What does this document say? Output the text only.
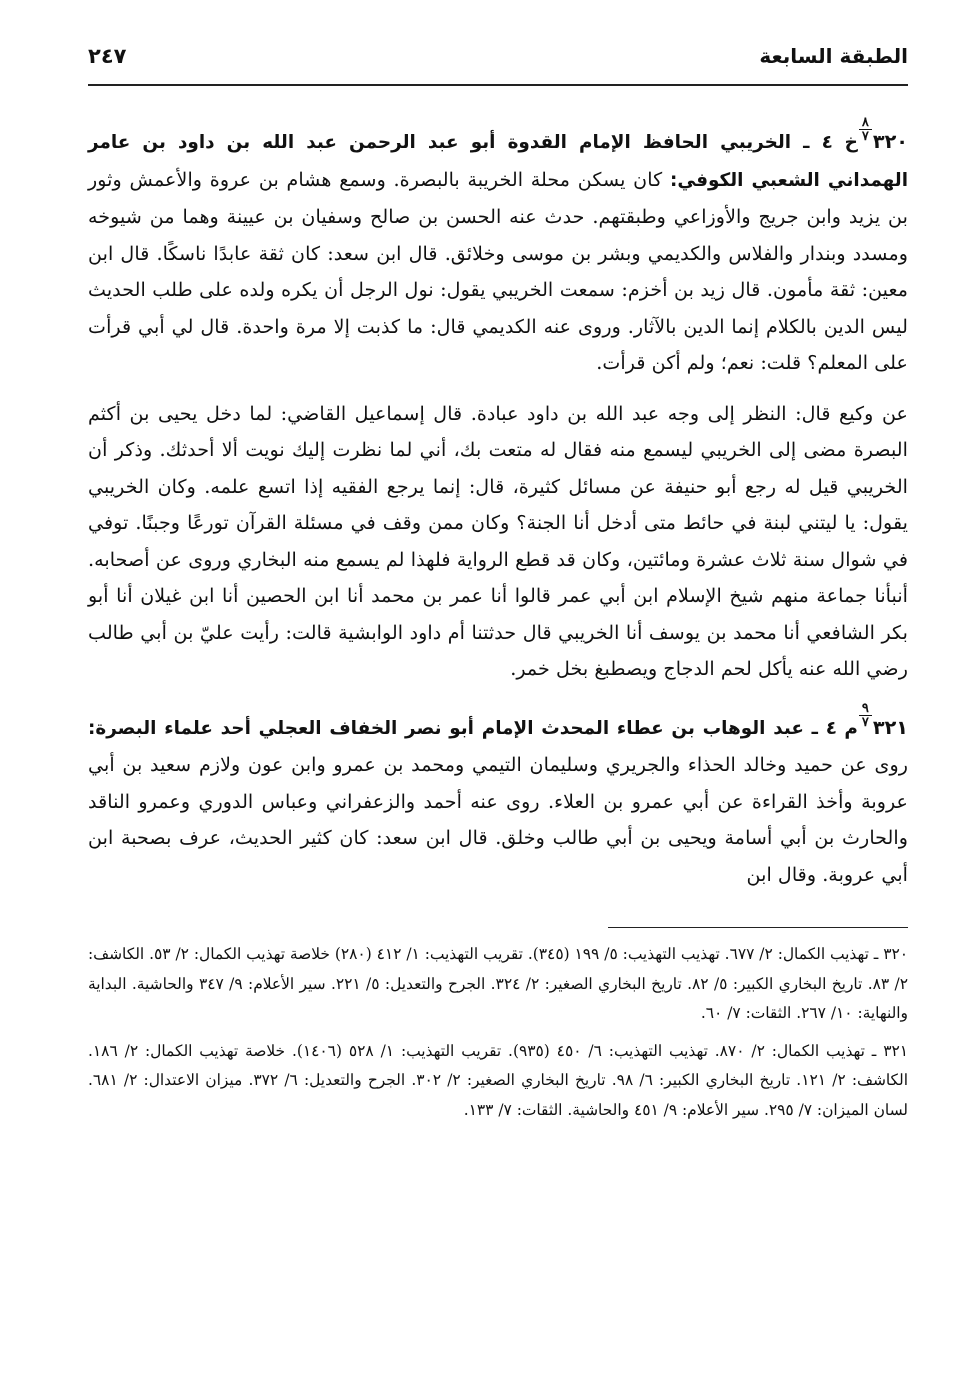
الطبقة السابعة
٢٤٧

٣٢٠
٨
٧
خ ٤ ـ الخريبي الحافظ الإمام القدوة أبو عبد الرحمن عبد الله بن داود بن عامر الهمداني الشعبي الكوفي: كان يسكن محلة الخريبة بالبصرة. وسمع هشام بن عروة والأعمش وثور بن يزيد وابن جريج والأوزاعي وطبقتهم. حدث عنه الحسن بن صالح وسفيان بن عيينة وهما من شيوخه ومسدد وبندار والفلاس والكديمي وبشر بن موسى وخلائق. قال ابن سعد: كان ثقة عابدًا ناسكًا. قال ابن معين: ثقة مأمون. قال زيد بن أخزم: سمعت الخريبي يقول: نول الرجل أن يكره ولده على طلب الحديث ليس الدين بالكلام إنما الدين بالآثار. وروى عنه الكديمي قال: ما كذبت إلا مرة واحدة. قال لي أبي قرأت على المعلم؟ قلت: نعم؛ ولم أكن قرأت.

عن وكيع قال: النظر إلى وجه عبد الله بن داود عبادة. قال إسماعيل القاضي: لما دخل يحيى بن أكثم البصرة مضى إلى الخريبي ليسمع منه فقال له متعت بك، أني لما نظرت إليك نويت ألا أحدثك. وذكر أن الخريبي قيل له رجع أبو حنيفة عن مسائل كثيرة، قال: إنما يرجع الفقيه إذا اتسع علمه. وكان الخريبي يقول: يا ليتني لبنة في حائط متى أدخل أنا الجنة؟ وكان ممن وقف في مسئلة القرآن تورعًا وجبنًا. توفي في شوال سنة ثلاث عشرة ومائتين، وكان قد قطع الرواية فلهذا لم يسمع منه البخاري وروى عن أصحابه. أنبأنا جماعة منهم شيخ الإسلام ابن أبي عمر قالوا أنا عمر بن محمد أنا ابن الحصين أنا ابن غيلان أنا أبو بكر الشافعي أنا محمد بن يوسف أنا الخريبي قال حدثتنا أم داود الوابشية قالت: رأيت عليّ بن أبي طالب رضي الله عنه يأكل لحم الدجاج ويصطبغ بخل خمر.

٣٢١
٩
٧
م ٤ ـ عبد الوهاب بن عطاء المحدث الإمام أبو نصر الخفاف العجلي أحد علماء البصرة: روى عن حميد وخالد الحذاء والجريري وسليمان التيمي ومحمد بن عمرو وابن عون ولازم سعيد بن أبي عروبة وأخذ القراءة عن أبي عمرو بن العلاء. روى عنه أحمد والزعفراني وعباس الدوري وعمرو الناقد والحارث بن أبي أسامة ويحيى بن أبي طالب وخلق. قال ابن سعد: كان كثير الحديث، عرف بصحبة ابن أبي عروبة. وقال ابن

٣٢٠ ـ تهذيب الكمال: ٢/ ٦٧٧. تهذيب التهذيب: ٥/ ١٩٩ (٣٤٥). تقريب التهذيب: ١/ ٤١٢ (٢٨٠) خلاصة تهذيب الكمال: ٢/ ٥٣. الكاشف: ٢/ ٨٣. تاريخ البخاري الكبير: ٥/ ٨٢. تاريخ البخاري الصغير: ٢/ ٣٢٤. الجرح والتعديل: ٥/ ٢٢١. سير الأعلام: ٩/ ٣٤٧ والحاشية. البداية والنهاية: ١٠/ ٢٦٧. الثقات: ٧/ ٦٠.

٣٢١ ـ تهذيب الكمال: ٢/ ٨٧٠. تهذيب التهذيب: ٦/ ٤٥٠ (٩٣٥). تقريب التهذيب: ١/ ٥٢٨ (١٤٠٦). خلاصة تهذيب الكمال: ٢/ ١٨٦. الكاشف: ٢/ ١٢١. تاريخ البخاري الكبير: ٦/ ٩٨. تاريخ البخاري الصغير: ٢/ ٣٠٢. الجرح والتعديل: ٦/ ٣٧٢. ميزان الاعتدال: ٢/ ٦٨١. لسان الميزان: ٧/ ٢٩٥. سير الأعلام: ٩/ ٤٥١ والحاشية. الثقات: ٧/ ١٣٣.
